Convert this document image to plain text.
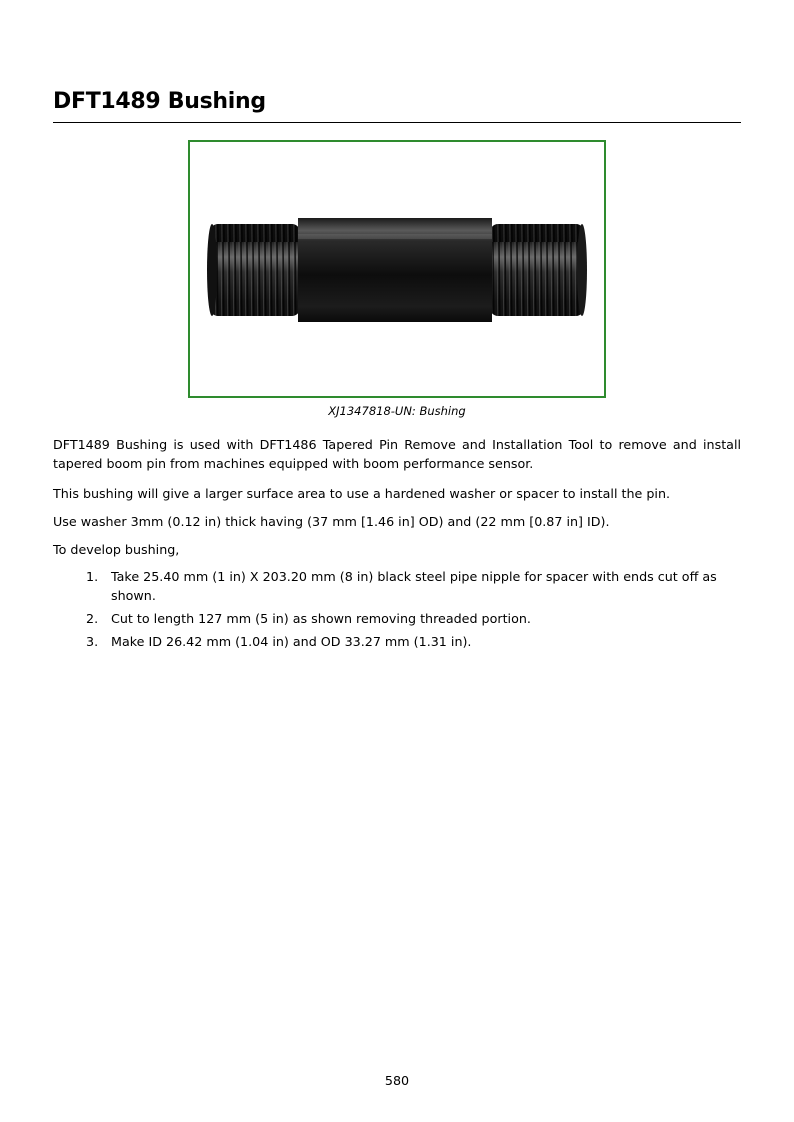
DFT1489 Bushing
XJ1347818-UN: Bushing

DFT1489 Bushing is used with DFT1486 Tapered Pin Remove and Installation Tool to remove and install tapered boom pin from machines equipped with boom performance sensor.

This bushing will give a larger surface area to use a hardened washer or spacer to install the pin.

Use washer 3mm (0.12 in) thick having (37 mm [1.46 in] OD) and (22 mm [0.87 in] ID).

To develop bushing,

1. Take 25.40 mm (1 in) X 203.20 mm (8 in) black steel pipe nipple for spacer with ends cut off as shown.
2. Cut to length 127 mm (5 in) as shown removing threaded portion.
3. Make ID 26.42 mm (1.04 in) and OD 33.27 mm (1.31 in).
580
